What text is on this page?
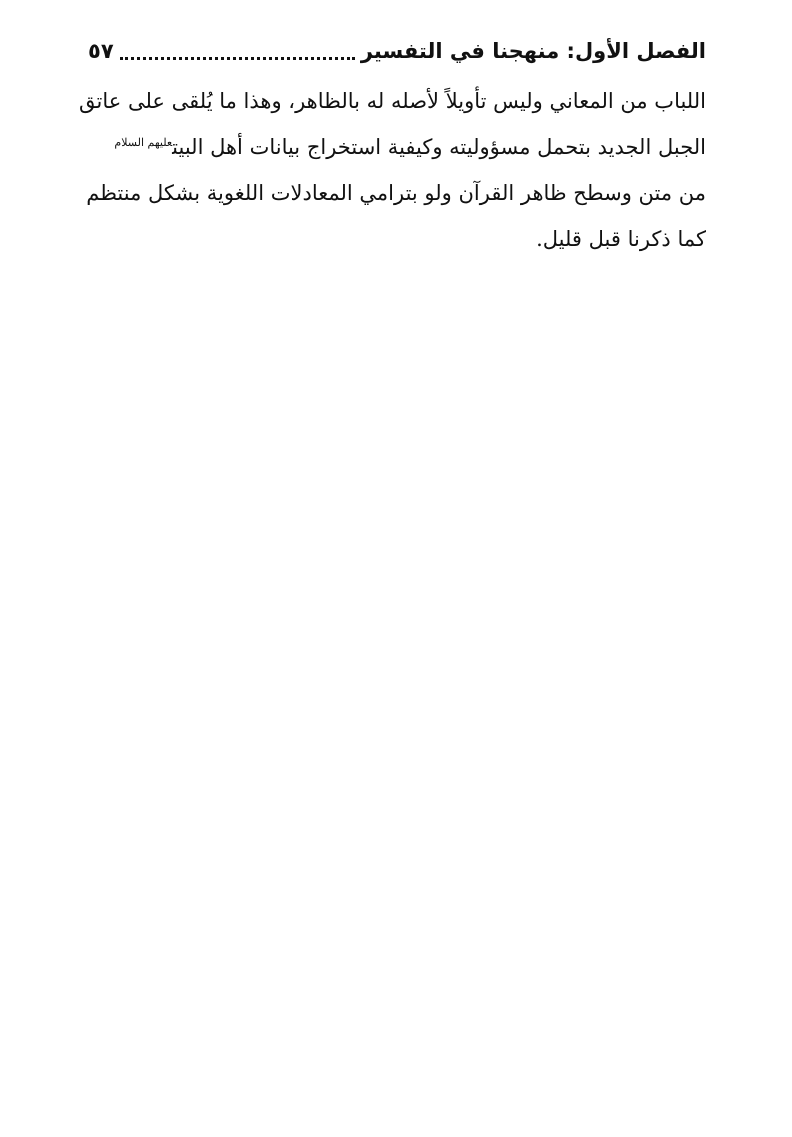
الفصل الأول: منهجنا في التفسير
٥٧
اللباب من المعاني وليس تأويلاً لأصله له بالظاهر، وهذا ما يُلقى على عاتق
الجبل الجديد بتحمل مسؤوليته وكيفية استخراج بيانات أهل البيت$^{عليهم السلام}$
من متن وسطح ظاهر القرآن ولو بترامي المعادلات اللغوية بشكل منتظم
كما ذكرنا قبل قليل.
